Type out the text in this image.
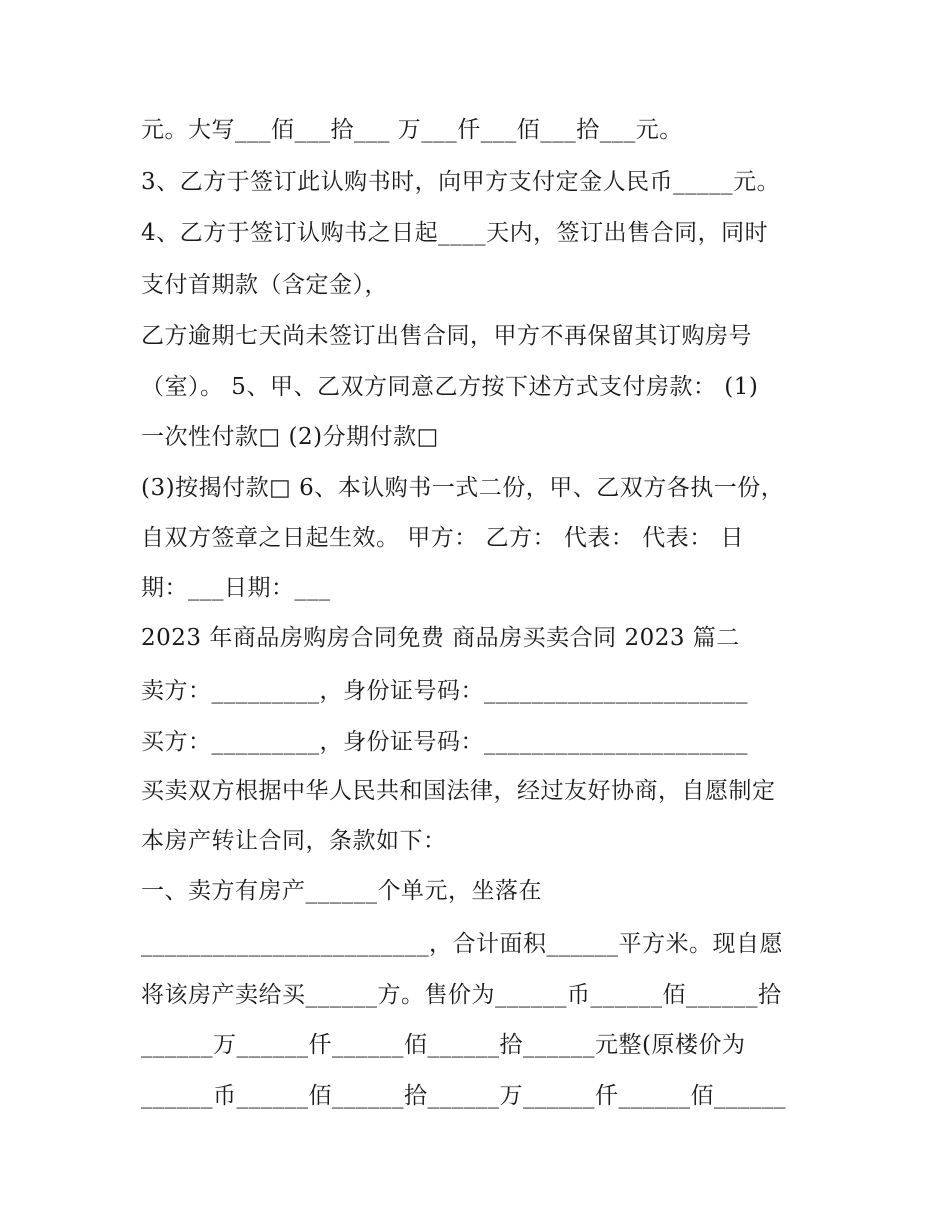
元。大写___佰___拾___ 万___仟___佰___拾___元。
3、乙方于签订此认购书时，向甲方支付定金人民币_____元。
4、乙方于签订认购书之日起____天内，签订出售合同，同时
支付首期款（含定金），
乙方逾期七天尚未签订出售合同，甲方不再保留其订购房号
（室）。 5、甲、乙双方同意乙方按下述方式支付房款： (1)
一次性付款□ (2)分期付款□
(3)按揭付款□ 6、本认购书一式二份，甲、乙双方各执一份，
自双方签章之日起生效。 甲方： 乙方： 代表： 代表： 日
期：___日期：___
2023 年商品房购房合同免费 商品房买卖合同 2023 篇二
卖方：_________，身份证号码：______________________
买方：_________，身份证号码：______________________
买卖双方根据中华人民共和国法律，经过友好协商，自愿制定
本房产转让合同，条款如下：
一、卖方有房产______个单元，坐落在
________________________，合计面积______平方米。现自愿
将该房产卖给买______方。售价为______币______佰______拾
______万______仟______佰______拾______元整(原楼价为
______币______佰______拾______万______仟______佰______
